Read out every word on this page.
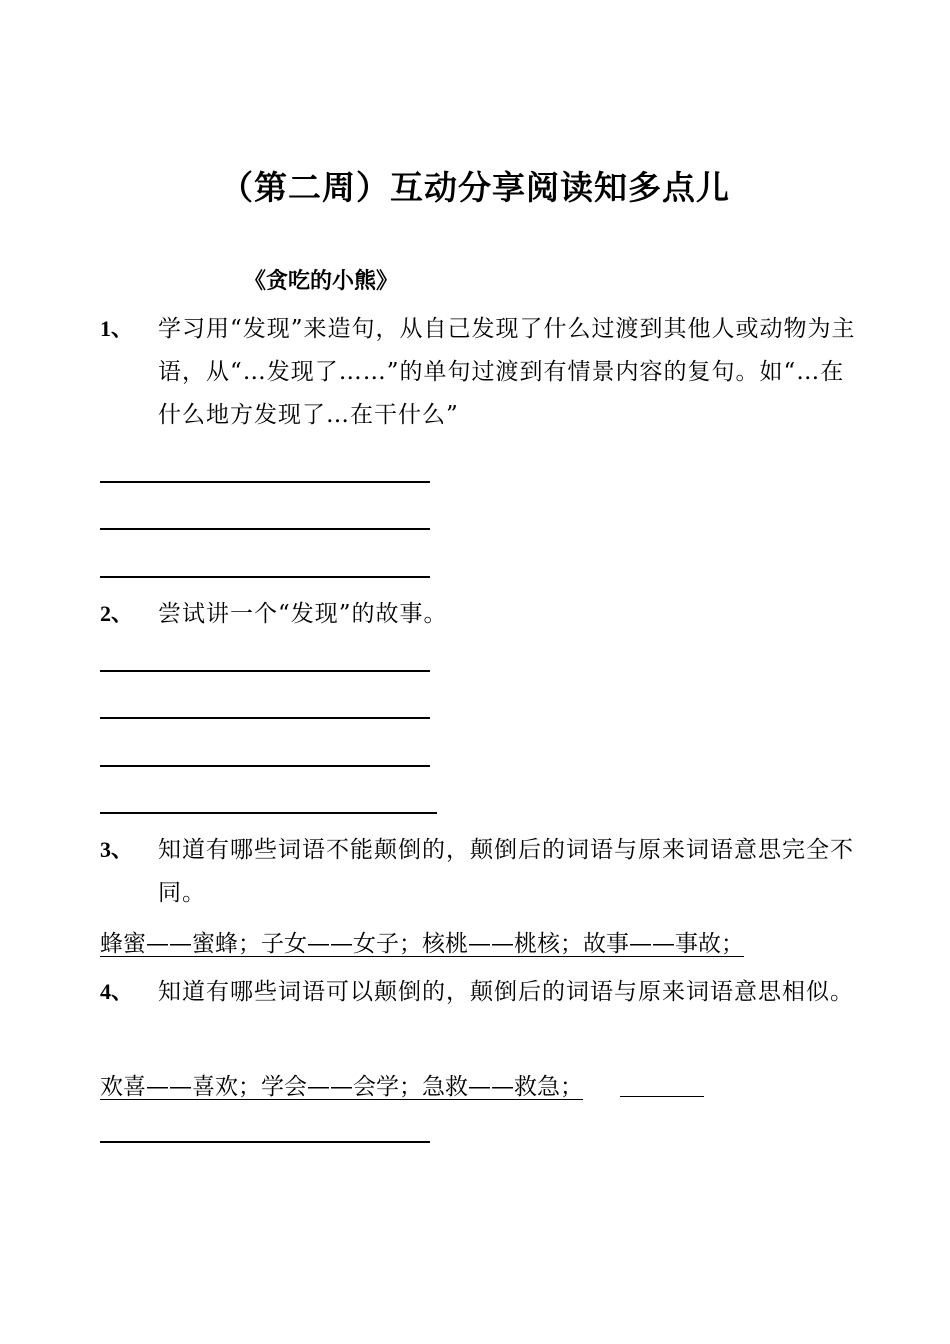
（第二周）互动分享阅读知多点儿
《贪吃的小熊》
1、 学习用“发现”来造句，从自己发现了什么过渡到其他人或动物为主语，从“…发现了……”的单句过渡到有情景内容的复句。如“…在什么地方发现了…在干什么”
2、 尝试讲一个“发现”的故事。
3、 知道有哪些词语不能颠倒的，颠倒后的词语与原来词语意思完全不同。
蜂蜜——蜜蜂；子女——女子；核桃——桃核；故事——事故；
4、 知道有哪些词语可以颠倒的，颠倒后的词语与原来词语意思相似。
欢喜——喜欢；学会——会学；急救——救急；
